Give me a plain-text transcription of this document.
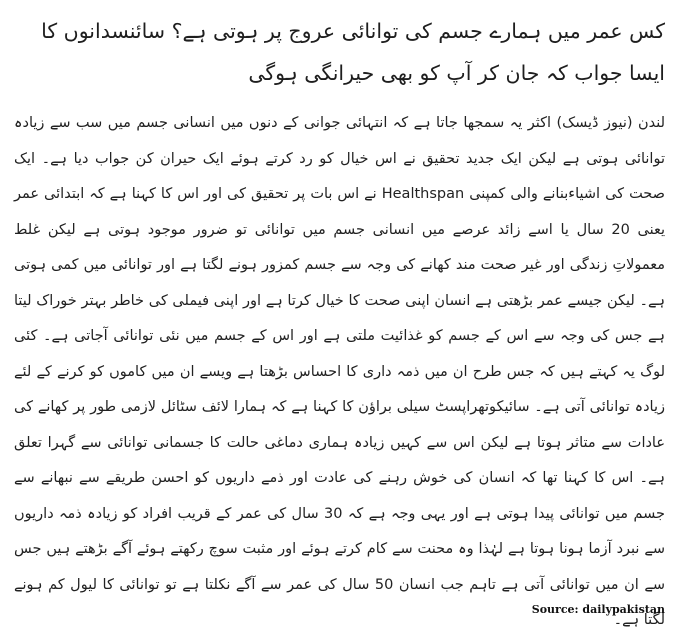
کس عمر میں ہمارے جسم کی توانائی عروج پر ہوتی ہے؟ سائنسدانوں کا ایسا جواب کہ جان کر آپ کو بھی حیرانگی ہوگی

لندن (نیوز ڈیسک) اکثر یہ سمجھا جاتا ہے کہ انتہائی جوانی کے دنوں میں انسانی جسم میں سب سے زیادہ توانائی ہوتی ہے لیکن ایک جدید تحقیق نے اس خیال کو رد کرتے ہوئے ایک حیران کن جواب دیا ہے۔ ایک صحت کی اشیاءبنانے والی کمپنی Healthspan نے اس بات پر تحقیق کی اور اس کا کہنا ہے کہ ابتدائی عمر یعنی 20 سال یا اسے زائد عرصے میں انسانی جسم میں توانائی تو ضرور موجود ہوتی ہے لیکن غلط معمولاتِ زندگی اور غیر صحت مند کھانے کی وجہ سے جسم کمزور ہونے لگتا ہے اور توانائی میں کمی ہوتی ہے۔ لیکن جیسے عمر بڑھتی ہے انسان اپنی صحت کا خیال کرتا ہے اور اپنی فیملی کی خاطر بہتر خوراک لیتا ہے جس کی وجہ سے اس کے جسم کو غذائیت ملتی ہے اور اس کے جسم میں نئی توانائی آجاتی ہے۔ کئی لوگ یہ کہتے ہیں کہ جس طرح ان میں ذمہ داری کا احساس بڑھتا ہے ویسے ان میں کاموں کو کرنے کے لئے زیادہ توانائی آتی ہے۔ سائیکوتھراپسٹ سیلی براﺅن کا کہنا ہے کہ ہمارا لائف سٹائل لازمی طور پر کھانے کی عادات سے متاثر ہوتا ہے لیکن اس سے کہیں زیادہ ہماری دماغی حالت کا جسمانی توانائی سے گہرا تعلق ہے۔ اس کا کہنا تھا کہ انسان کی خوش رہنے کی عادت اور ذمے داریوں کو احسن طریقے سے نبھانے سے جسم میں توانائی پیدا ہوتی ہے اور یہی وجہ ہے کہ 30 سال کی عمر کے قریب افراد کو زیادہ ذمہ داریوں سے نبرد آزما ہونا ہوتا ہے لہٰذا وہ محنت سے کام کرتے ہوئے اور مثبت سوچ رکھتے ہوئے آگے بڑھتے ہیں جس سے ان میں توانائی آتی ہے تاہم جب انسان 50 سال کی عمر سے آگے نکلتا ہے تو توانائی کا لیول کم ہونے لگتا ہے۔

Source: dailypakistan
